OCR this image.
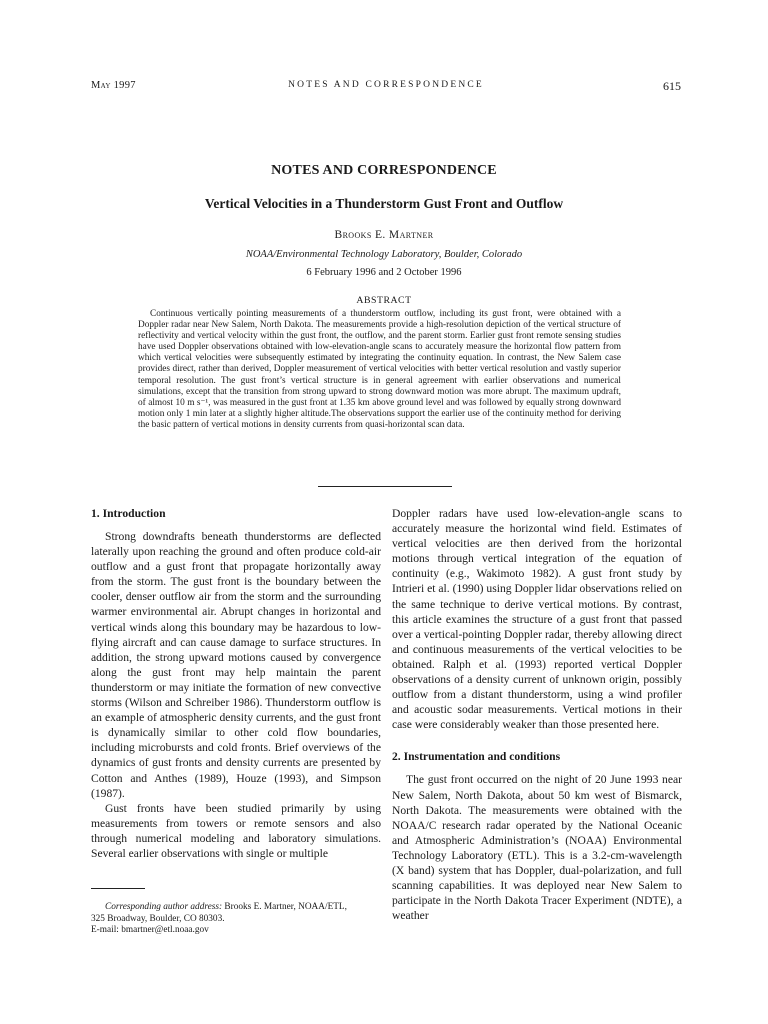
May 1997	NOTES AND CORRESPONDENCE	615
NOTES AND CORRESPONDENCE
Vertical Velocities in a Thunderstorm Gust Front and Outflow
Brooks E. Martner
NOAA/Environmental Technology Laboratory, Boulder, Colorado
6 February 1996 and 2 October 1996
ABSTRACT

Continuous vertically pointing measurements of a thunderstorm outflow, including its gust front, were obtained with a Doppler radar near New Salem, North Dakota. The measurements provide a high-resolution depiction of the vertical structure of reflectivity and vertical velocity within the gust front, the outflow, and the parent storm. Earlier gust front remote sensing studies have used Doppler observations obtained with low-elevation-angle scans to accurately measure the horizontal flow pattern from which vertical velocities were subsequently estimated by integrating the continuity equation. In contrast, the New Salem case provides direct, rather than derived, Doppler measurement of vertical velocities with better vertical resolution and vastly superior temporal resolution. The gust front’s vertical structure is in general agreement with earlier observations and numerical simulations, except that the transition from strong upward to strong downward motion was more abrupt. The maximum updraft, of almost 10 m s⁻¹, was measured in the gust front at 1.35 km above ground level and was followed by equally strong downward motion only 1 min later at a slightly higher altitude.The observations support the earlier use of the continuity method for deriving the basic pattern of vertical motions in density currents from quasi-horizontal scan data.

1. Introduction

Strong downdrafts beneath thunderstorms are deflected laterally upon reaching the ground and often produce cold-air outflow and a gust front that propagate horizontally away from the storm. The gust front is the boundary between the cooler, denser outflow air from the storm and the surrounding warmer environmental air. Abrupt changes in horizontal and vertical winds along this boundary may be hazardous to low-flying aircraft and can cause damage to surface structures. In addition, the strong upward motions caused by convergence along the gust front may help maintain the parent thunderstorm or may initiate the formation of new convective storms (Wilson and Schreiber 1986). Thunderstorm outflow is an example of atmospheric density currents, and the gust front is dynamically similar to other cold flow boundaries, including microbursts and cold fronts. Brief overviews of the dynamics of gust fronts and density currents are presented by Cotton and Anthes (1989), Houze (1993), and Simpson (1987).

Gust fronts have been studied primarily by using measurements from towers or remote sensors and also through numerical modeling and laboratory simulations. Several earlier observations with single or multiple

Doppler radars have used low-elevation-angle scans to accurately measure the horizontal wind field. Estimates of vertical velocities are then derived from the horizontal motions through vertical integration of the equation of continuity (e.g., Wakimoto 1982). A gust front study by Intrieri et al. (1990) using Doppler lidar observations relied on the same technique to derive vertical motions. By contrast, this article examines the structure of a gust front that passed over a vertical-pointing Doppler radar, thereby allowing direct and continuous measurements of the vertical velocities to be obtained. Ralph et al. (1993) reported vertical Doppler observations of a density current of unknown origin, possibly outflow from a distant thunderstorm, using a wind profiler and acoustic sodar measurements. Vertical motions in their case were considerably weaker than those presented here.

2. Instrumentation and conditions

The gust front occurred on the night of 20 June 1993 near New Salem, North Dakota, about 50 km west of Bismarck, North Dakota. The measurements were obtained with the NOAA/C research radar operated by the National Oceanic and Atmospheric Administration’s (NOAA) Environmental Technology Laboratory (ETL). This is a 3.2-cm-wavelength (X band) system that has Doppler, dual-polarization, and full scanning capabilities. It was deployed near New Salem to participate in the North Dakota Tracer Experiment (NDTE), a weather

Corresponding author address: Brooks E. Martner, NOAA/ETL,
325 Broadway, Boulder, CO 80303.
E-mail: bmartner@etl.noaa.gov
